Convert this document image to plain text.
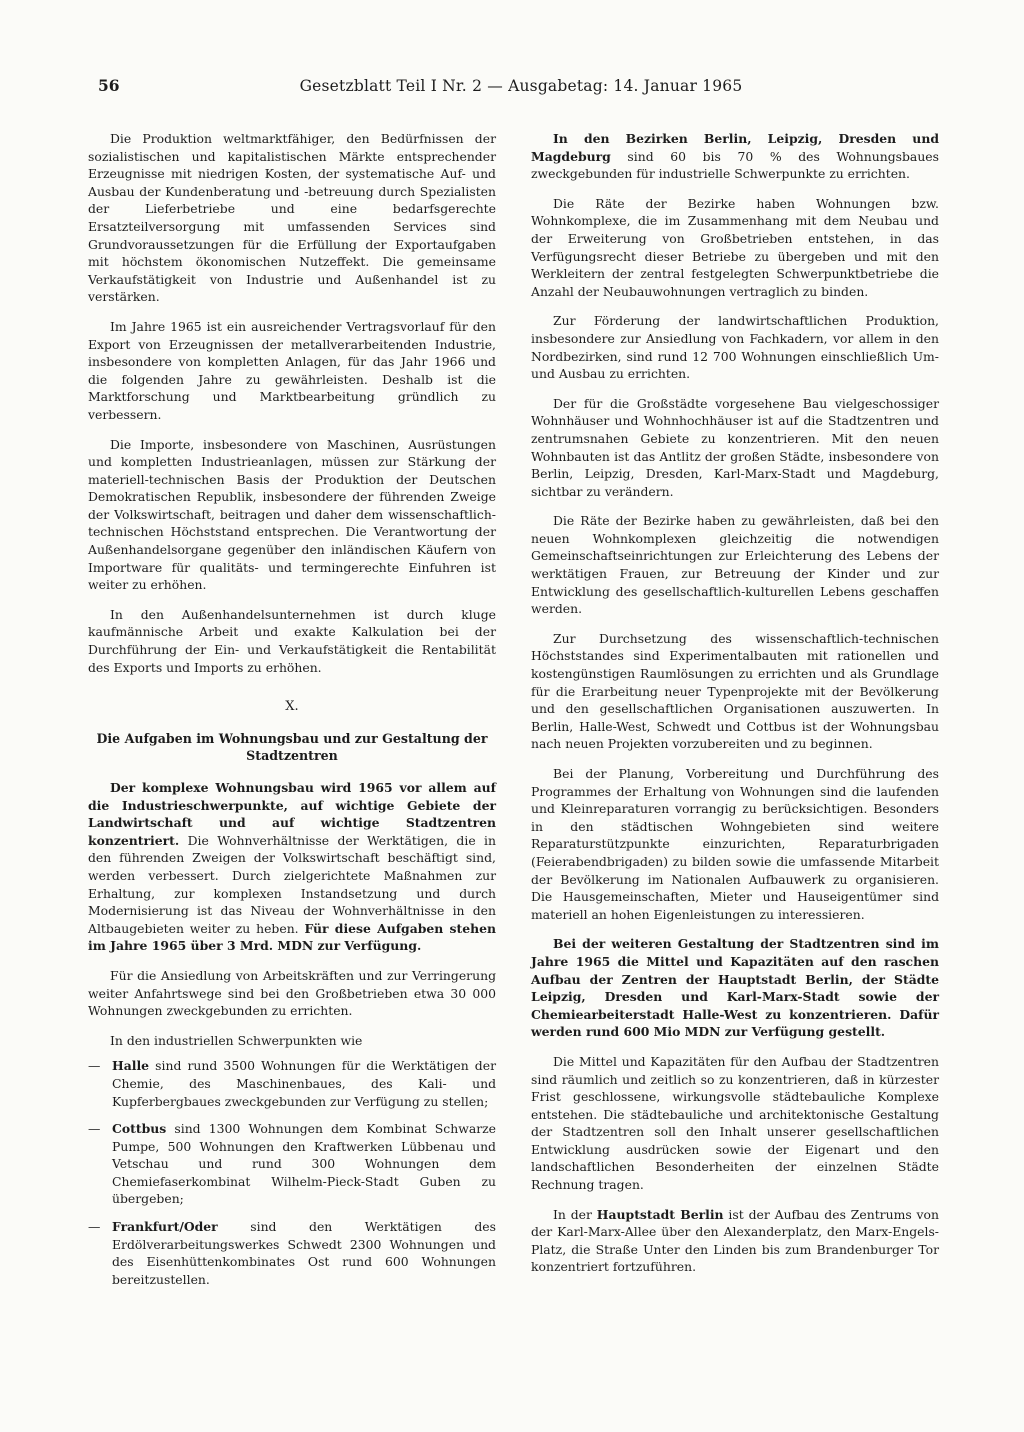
56	Gesetzblatt Teil I Nr. 2 — Ausgabetag: 14. Januar 1965

Die Produktion weltmarktfähiger, den Bedürfnissen der sozialistischen und kapitalistischen Märkte entsprechender Erzeugnisse mit niedrigen Kosten, der systematische Auf- und Ausbau der Kundenberatung und -betreuung durch Spezialisten der Lieferbetriebe und eine bedarfsgerechte Ersatzteilversorgung mit umfassenden Services sind Grundvoraussetzungen für die Erfüllung der Exportaufgaben mit höchstem ökonomischen Nutzeffekt. Die gemeinsame Verkaufstätigkeit von Industrie und Außenhandel ist zu verstärken.

Im Jahre 1965 ist ein ausreichender Vertragsvorlauf für den Export von Erzeugnissen der metallverarbeitenden Industrie, insbesondere von kompletten Anlagen, für das Jahr 1966 und die folgenden Jahre zu gewährleisten. Deshalb ist die Marktforschung und Marktbearbeitung gründlich zu verbessern.

Die Importe, insbesondere von Maschinen, Ausrüstungen und kompletten Industrieanlagen, müssen zur Stärkung der materiell-technischen Basis der Produktion der Deutschen Demokratischen Republik, insbesondere der führenden Zweige der Volkswirtschaft, beitragen und daher dem wissenschaftlich-technischen Höchststand entsprechen. Die Verantwortung der Außenhandelsorgane gegenüber den inländischen Käufern von Importware für qualitäts- und termingerechte Einfuhren ist weiter zu erhöhen.

In den Außenhandelsunternehmen ist durch kluge kaufmännische Arbeit und exakte Kalkulation bei der Durchführung der Ein- und Verkaufstätigkeit die Rentabilität des Exports und Imports zu erhöhen.

X.
Die Aufgaben im Wohnungsbau und zur Gestaltung der Stadtzentren

Der komplexe Wohnungsbau wird 1965 vor allem auf die Industrieschwerpunkte, auf wichtige Gebiete der Landwirtschaft und auf wichtige Stadtzentren konzentriert. Die Wohnverhältnisse der Werktätigen, die in den führenden Zweigen der Volkswirtschaft beschäftigt sind, werden verbessert. Durch zielgerichtete Maßnahmen zur Erhaltung, zur komplexen Instandsetzung und durch Modernisierung ist das Niveau der Wohnverhältnisse in den Altbaugebieten weiter zu heben. Für diese Aufgaben stehen im Jahre 1965 über 3 Mrd. MDN zur Verfügung.

Für die Ansiedlung von Arbeitskräften und zur Verringerung weiter Anfahrtswege sind bei den Großbetrieben etwa 30 000 Wohnungen zweckgebunden zu errichten.

In den industriellen Schwerpunkten wie

— Halle sind rund 3500 Wohnungen für die Werktätigen der Chemie, des Maschinenbaues, des Kali- und Kupferbergbaues zweckgebunden zur Verfügung zu stellen;
— Cottbus sind 1300 Wohnungen dem Kombinat Schwarze Pumpe, 500 Wohnungen den Kraftwerken Lübbenau und Vetschau und rund 300 Wohnungen dem Chemiefaserkombinat Wilhelm-Pieck-Stadt Guben zu übergeben;
— Frankfurt/Oder sind den Werktätigen des Erdölverarbeitungswerkes Schwedt 2300 Wohnungen und des Eisenhüttenkombinates Ost rund 600 Wohnungen bereitzustellen.

In den Bezirken Berlin, Leipzig, Dresden und Magdeburg sind 60 bis 70 % des Wohnungsbaues zweckgebunden für industrielle Schwerpunkte zu errichten.

Die Räte der Bezirke haben Wohnungen bzw. Wohnkomplexe, die im Zusammenhang mit dem Neubau und der Erweiterung von Großbetrieben entstehen, in das Verfügungsrecht dieser Betriebe zu übergeben und mit den Werkleitern der zentral festgelegten Schwerpunktbetriebe die Anzahl der Neubauwohnungen vertraglich zu binden.

Zur Förderung der landwirtschaftlichen Produktion, insbesondere zur Ansiedlung von Fachkadern, vor allem in den Nordbezirken, sind rund 12 700 Wohnungen einschließlich Um- und Ausbau zu errichten.

Der für die Großstädte vorgesehene Bau vielgeschossiger Wohnhäuser und Wohnhochhäuser ist auf die Stadtzentren und zentrumsnahen Gebiete zu konzentrieren. Mit den neuen Wohnbauten ist das Antlitz der großen Städte, insbesondere von Berlin, Leipzig, Dresden, Karl-Marx-Stadt und Magdeburg, sichtbar zu verändern.

Die Räte der Bezirke haben zu gewährleisten, daß bei den neuen Wohnkomplexen gleichzeitig die notwendigen Gemeinschaftseinrichtungen zur Erleichterung des Lebens der werktätigen Frauen, zur Betreuung der Kinder und zur Entwicklung des gesellschaftlich-kulturellen Lebens geschaffen werden.

Zur Durchsetzung des wissenschaftlich-technischen Höchststandes sind Experimentalbauten mit rationellen und kostengünstigen Raumlösungen zu errichten und als Grundlage für die Erarbeitung neuer Typenprojekte mit der Bevölkerung und den gesellschaftlichen Organisationen auszuwerten. In Berlin, Halle-West, Schwedt und Cottbus ist der Wohnungsbau nach neuen Projekten vorzubereiten und zu beginnen.

Bei der Planung, Vorbereitung und Durchführung des Programmes der Erhaltung von Wohnungen sind die laufenden und Kleinreparaturen vorrangig zu berücksichtigen. Besonders in den städtischen Wohngebieten sind weitere Reparaturstützpunkte einzurichten, Reparaturbrigaden (Feierabendbrigaden) zu bilden sowie die umfassende Mitarbeit der Bevölkerung im Nationalen Aufbauwerk zu organisieren. Die Hausgemeinschaften, Mieter und Hauseigentümer sind materiell an hohen Eigenleistungen zu interessieren.

Bei der weiteren Gestaltung der Stadtzentren sind im Jahre 1965 die Mittel und Kapazitäten auf den raschen Aufbau der Zentren der Hauptstadt Berlin, der Städte Leipzig, Dresden und Karl-Marx-Stadt sowie der Chemiearbeiterstadt Halle-West zu konzentrieren. Dafür werden rund 600 Mio MDN zur Verfügung gestellt.

Die Mittel und Kapazitäten für den Aufbau der Stadtzentren sind räumlich und zeitlich so zu konzentrieren, daß in kürzester Frist geschlossene, wirkungsvolle städtebauliche Komplexe entstehen. Die städtebauliche und architektonische Gestaltung der Stadtzentren soll den Inhalt unserer gesellschaftlichen Entwicklung ausdrücken sowie der Eigenart und den landschaftlichen Besonderheiten der einzelnen Städte Rechnung tragen.

In der Hauptstadt Berlin ist der Aufbau des Zentrums von der Karl-Marx-Allee über den Alexanderplatz, den Marx-Engels-Platz, die Straße Unter den Linden bis zum Brandenburger Tor konzentriert fortzuführen.
